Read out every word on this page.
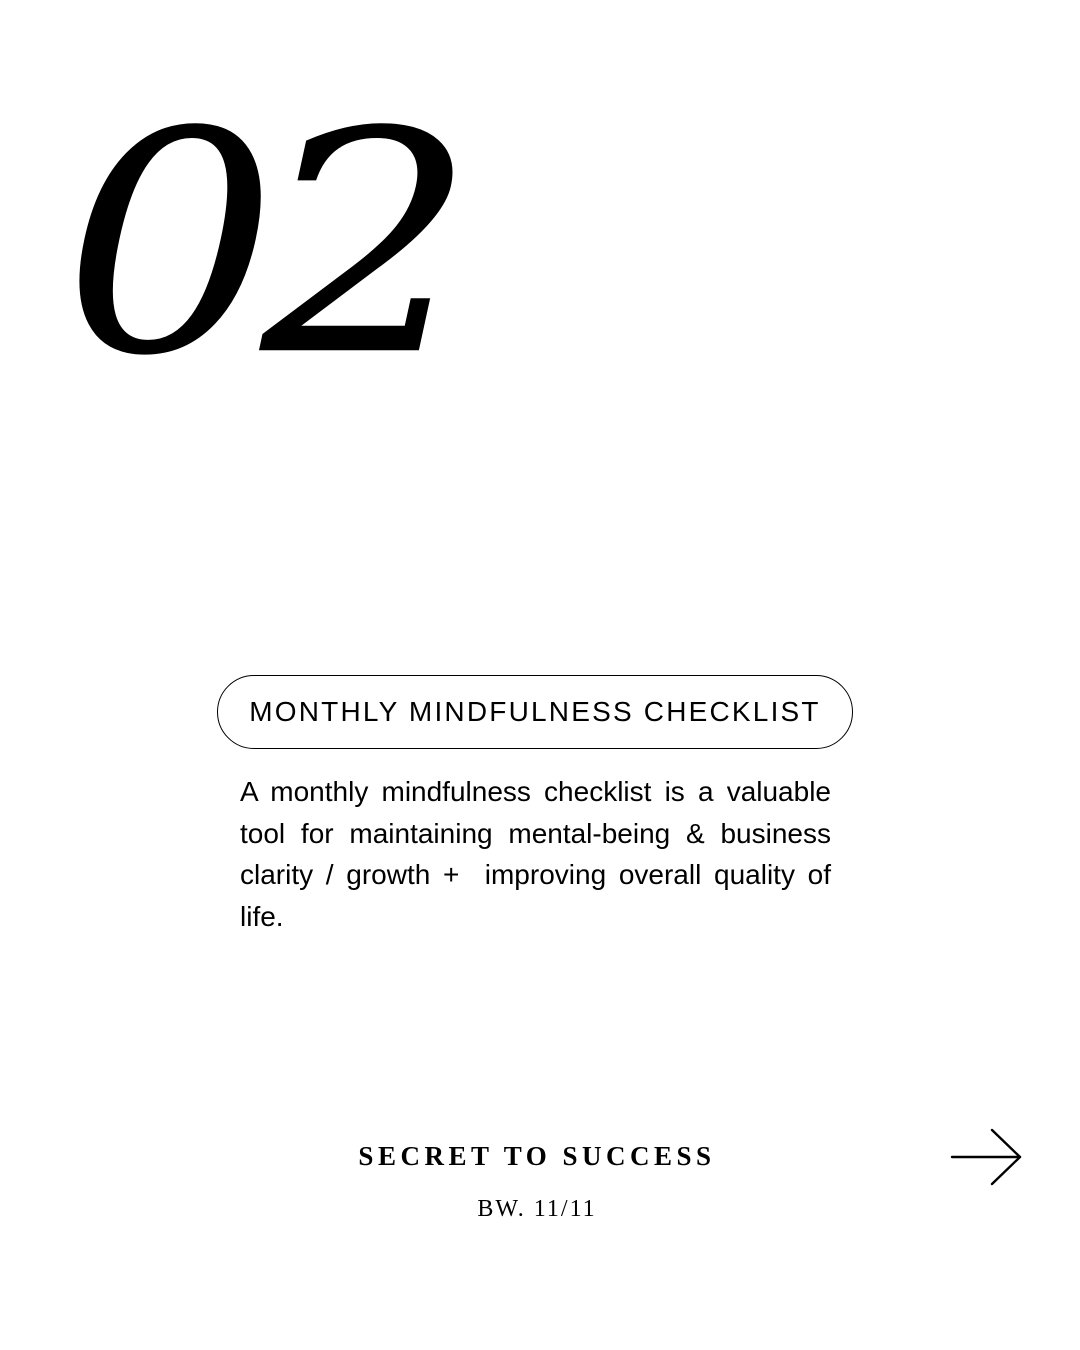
02
MONTHLY MINDFULNESS CHECKLIST

A monthly mindfulness checklist is a valuable tool for maintaining mental-being & business clarity / growth +  improving overall quality of life.

SECRET TO SUCCESS
BW. 11/11
